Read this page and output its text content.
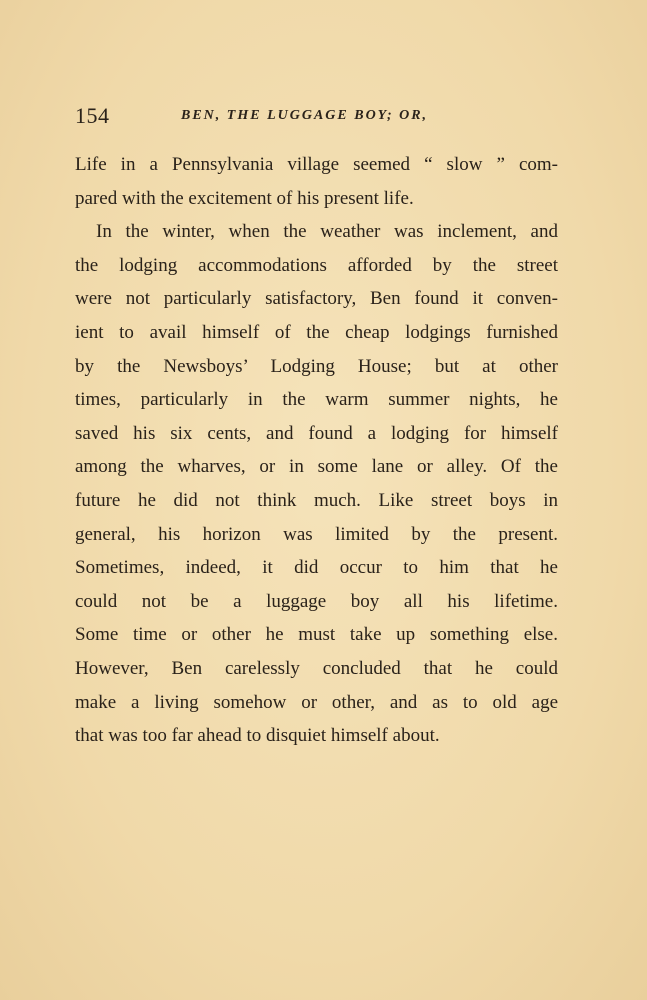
154	BEN, THE LUGGAGE BOY; OR,
Life in a Pennsylvania village seemed “ slow ” com-
pared with the excitement of his present life.
In the winter, when the weather was inclement, and
the lodging accommodations afforded by the street
were not particularly satisfactory, Ben found it conven-
ient to avail himself of the cheap lodgings furnished
by the Newsboys’ Lodging House; but at other
times, particularly in the warm summer nights, he
saved his six cents, and found a lodging for himself
among the wharves, or in some lane or alley. Of the
future he did not think much. Like street boys in
general, his horizon was limited by the present.
Sometimes, indeed, it did occur to him that he
could not be a luggage boy all his lifetime.
Some time or other he must take up something else.
However, Ben carelessly concluded that he could
make a living somehow or other, and as to old age
that was too far ahead to disquiet himself about.
